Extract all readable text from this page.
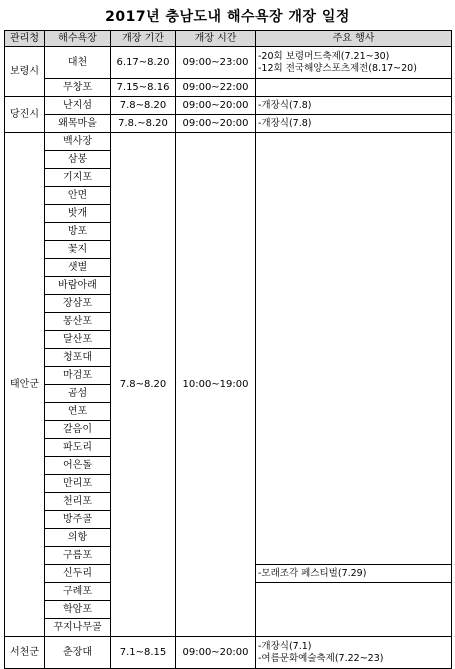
2017년 충남도내 해수욕장 개장 일정
관리청	해수욕장	개장 기간	개장 시간	주요 행사
보령시	대천	6.17~8.20	09:00~23:00	-20회 보령머드축제(7.21~30)
-12회 전국해양스포츠제전(8.17~20)

	무창포	7.15~8.16	09:00~22:00	
당진시	난지섬	7.8~8.20	09:00~20:00	-개장식(7.8)

	왜목마을	7.8.~8.20	09:00~20:00	-개장식(7.8)

태안군	백사장	7.8~8.20	10:00~19:00	
	삼봉			
	기지포			
	안면			
	밧개			
	방포			
	꽃지			
	샛별			
	바람아래			
	장삼포			
	몽산포			
	달산포			
	청포대			
	마검포			
	곰섬			
	연포			
	갈음이			
	파도리			
	어은돌			
	만리포			
	천리포			
	방주골			
	의항			
	구름포			
	신두리			-모래조각 페스티벌(7.29)

	구례포			
	학암포			
	꾸지나무골			
서천군	춘장대	7.1~8.15	09:00~20:00	-개장식(7.1)
-여름문화예술축제(7.22~23)
